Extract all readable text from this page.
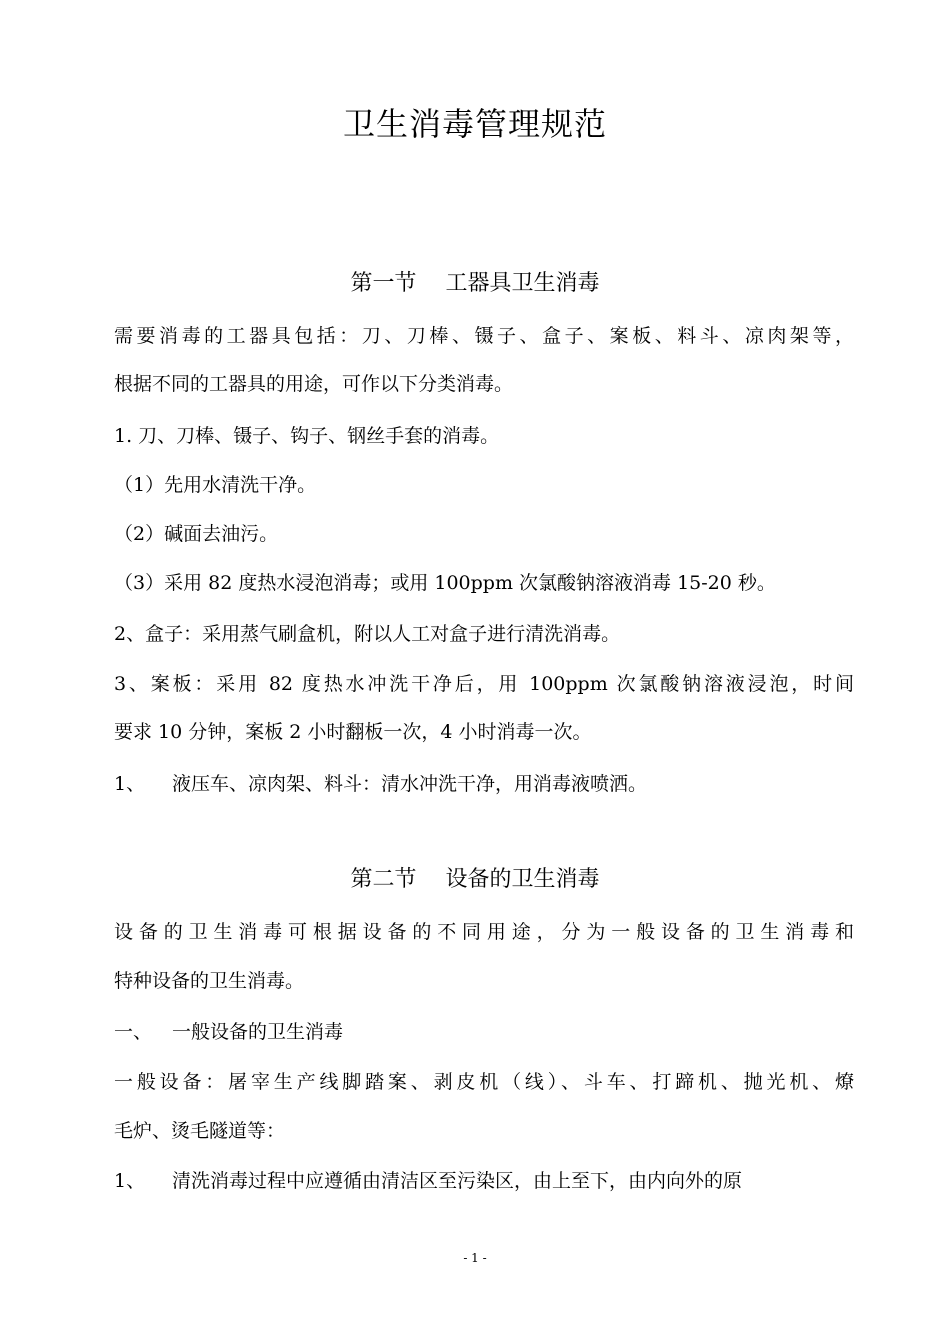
卫生消毒管理规范
第一节　 工器具卫生消毒
需要消毒的工器具包括：刀、刀棒、镊子、盒子、案板、料斗、凉肉架等，
根据不同的工器具的用途，可作以下分类消毒。
1. 刀、刀棒、镊子、钩子、钢丝手套的消毒。
（1）先用水清洗干净。
（2）碱面去油污。
（3）采用 82 度热水浸泡消毒；或用 100ppm 次氯酸钠溶液消毒 15-20 秒。
2、盒子：采用蒸气刷盒机，附以人工对盒子进行清洗消毒。
3、案板：采用 82 度热水冲洗干净后，用 100ppm 次氯酸钠溶液浸泡，时间
要求 10 分钟，案板 2 小时翻板一次，4 小时消毒一次。
1、 液压车、凉肉架、料斗：清水冲洗干净，用消毒液喷洒。
第二节　 设备的卫生消毒
设备的卫生消毒可根据设备的不同用途，分为一般设备的卫生消毒和
特种设备的卫生消毒。
一、 一般设备的卫生消毒
一般设备：屠宰生产线脚踏案、剥皮机（线）、斗车、打蹄机、抛光机、燎
毛炉、烫毛隧道等：
1、 清洗消毒过程中应遵循由清洁区至污染区，由上至下，由内向外的原
- 1 -
